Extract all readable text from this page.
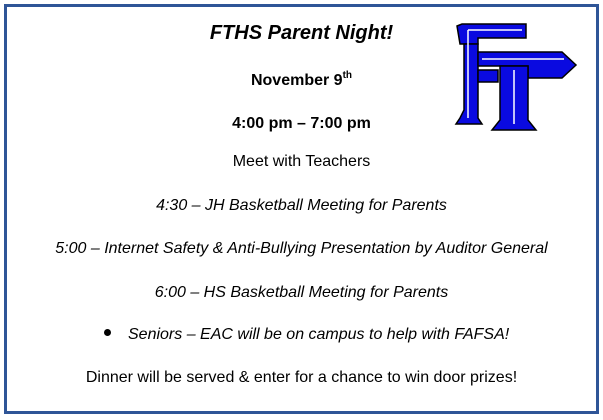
FTHS Parent Night!
November 9th
4:00 pm – 7:00 pm
Meet with Teachers
4:30 – JH Basketball Meeting for Parents
5:00 – Internet Safety & Anti-Bullying Presentation by Auditor General
6:00 – HS Basketball Meeting for Parents
Seniors – EAC will be on campus to help with FAFSA!
Dinner will be served & enter for a chance to win door prizes!
